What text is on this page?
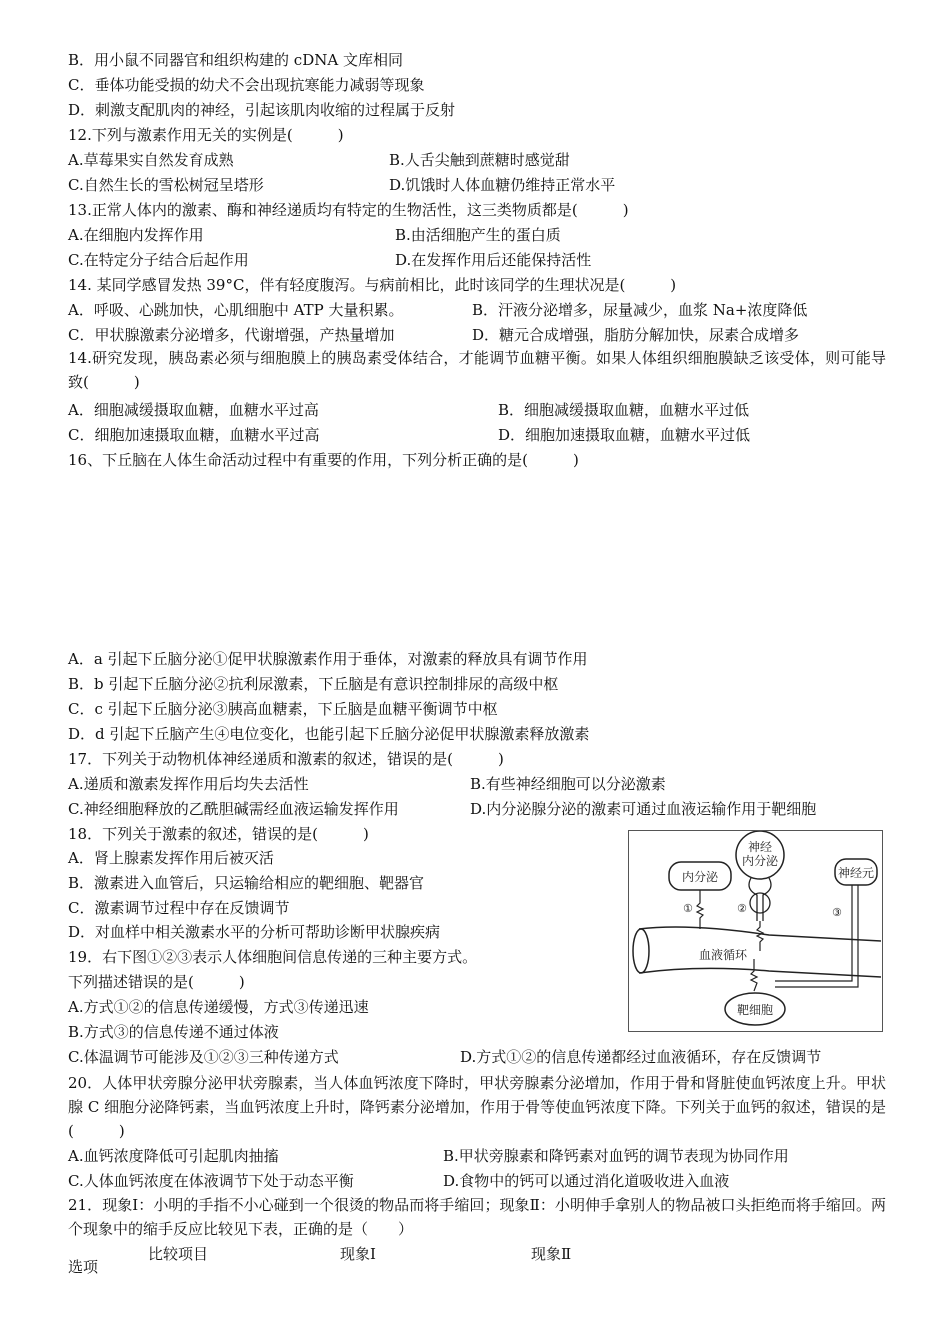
B．用小鼠不同器官和组织构建的 cDNA 文库相同
C．垂体功能受损的幼犬不会出现抗寒能力减弱等现象
D．刺激支配肌肉的神经，引起该肌肉收缩的过程属于反射
12.下列与激素作用无关的实例是(　　　)
A.草莓果实自然发育成熟	B.人舌尖触到蔗糖时感觉甜
C.自然生长的雪松树冠呈塔形	D.饥饿时人体血糖仍维持正常水平
13.正常人体内的激素、酶和神经递质均有特定的生物活性，这三类物质都是(　　　)
A.在细胞内发挥作用	B.由活细胞产生的蛋白质
C.在特定分子结合后起作用	D.在发挥作用后还能保持活性
14. 某同学感冒发热 39°C，伴有轻度腹泻。与病前相比，此时该同学的生理状况是(　　　)
A．呼吸、心跳加快，心肌细胞中 ATP 大量积累。	B．汗液分泌增多，尿量减少，血浆 Na+浓度降低
C．甲状腺激素分泌增多，代谢增强，产热量增加	D．糖元合成增强，脂肪分解加快，尿素合成增多
14.研究发现，胰岛素必须与细胞膜上的胰岛素受体结合，才能调节血糖平衡。如果人体组织细胞膜缺乏该受体，则可能导致(　　　)
A．细胞减缓摄取血糖，血糖水平过高	B．细胞减缓摄取血糖，血糖水平过低
C．细胞加速摄取血糖，血糖水平过高	D．细胞加速摄取血糖，血糖水平过低
16、下丘脑在人体生命活动过程中有重要的作用，下列分析正确的是(　　　)
A．a 引起下丘脑分泌①促甲状腺激素作用于垂体，对激素的释放具有调节作用
B．b 引起下丘脑分泌②抗利尿激素，下丘脑是有意识控制排尿的高级中枢
C．c 引起下丘脑分泌③胰高血糖素，下丘脑是血糖平衡调节中枢
D．d 引起下丘脑产生④电位变化，也能引起下丘脑分泌促甲状腺激素释放激素
17．下列关于动物机体神经递质和激素的叙述，错误的是(　　　)
A.递质和激素发挥作用后均失去活性	B.有些神经细胞可以分泌激素
C.神经细胞释放的乙酰胆碱需经血液运输发挥作用	D.内分泌腺分泌的激素可通过血液运输作用于靶细胞
18．下列关于激素的叙述，错误的是(　　　)
A．肾上腺素发挥作用后被灭活
B．激素进入血管后，只运输给相应的靶细胞、靶器官
C．激素调节过程中存在反馈调节
D．对血样中相关激素水平的分析可帮助诊断甲状腺疾病
19．右下图①②③表示人体细胞间信息传递的三种主要方式。
下列描述错误的是(　　　)
A.方式①②的信息传递缓慢，方式③传递迅速
B.方式③的信息传递不通过体液
C.体温调节可能涉及①②③三种传递方式	D.方式①②的信息传递都经过血液循环，存在反馈调节
内分泌
神经
内分泌
神经元
①	②	③
血液循环
靶细胞
20．人体甲状旁腺分泌甲状旁腺素，当人体血钙浓度下降时，甲状旁腺素分泌增加，作用于骨和肾脏使血钙浓度上升。甲状腺 C 细胞分泌降钙素，当血钙浓度上升时，降钙素分泌增加，作用于骨等使血钙浓度下降。下列关于血钙的叙述，错误的是(　　　)
A.血钙浓度降低可引起肌肉抽搐	B.甲状旁腺素和降钙素对血钙的调节表现为协同作用
C.人体血钙浓度在体液调节下处于动态平衡	D.食物中的钙可以通过消化道吸收进入血液
21．现象Ⅰ：小明的手指不小心碰到一个很烫的物品而将手缩回；现象Ⅱ：小明伸手拿别人的物品被口头拒绝而将手缩回。两个现象中的缩手反应比较见下表，正确的是（　　）
比较项目	现象Ⅰ	现象Ⅱ
选项
